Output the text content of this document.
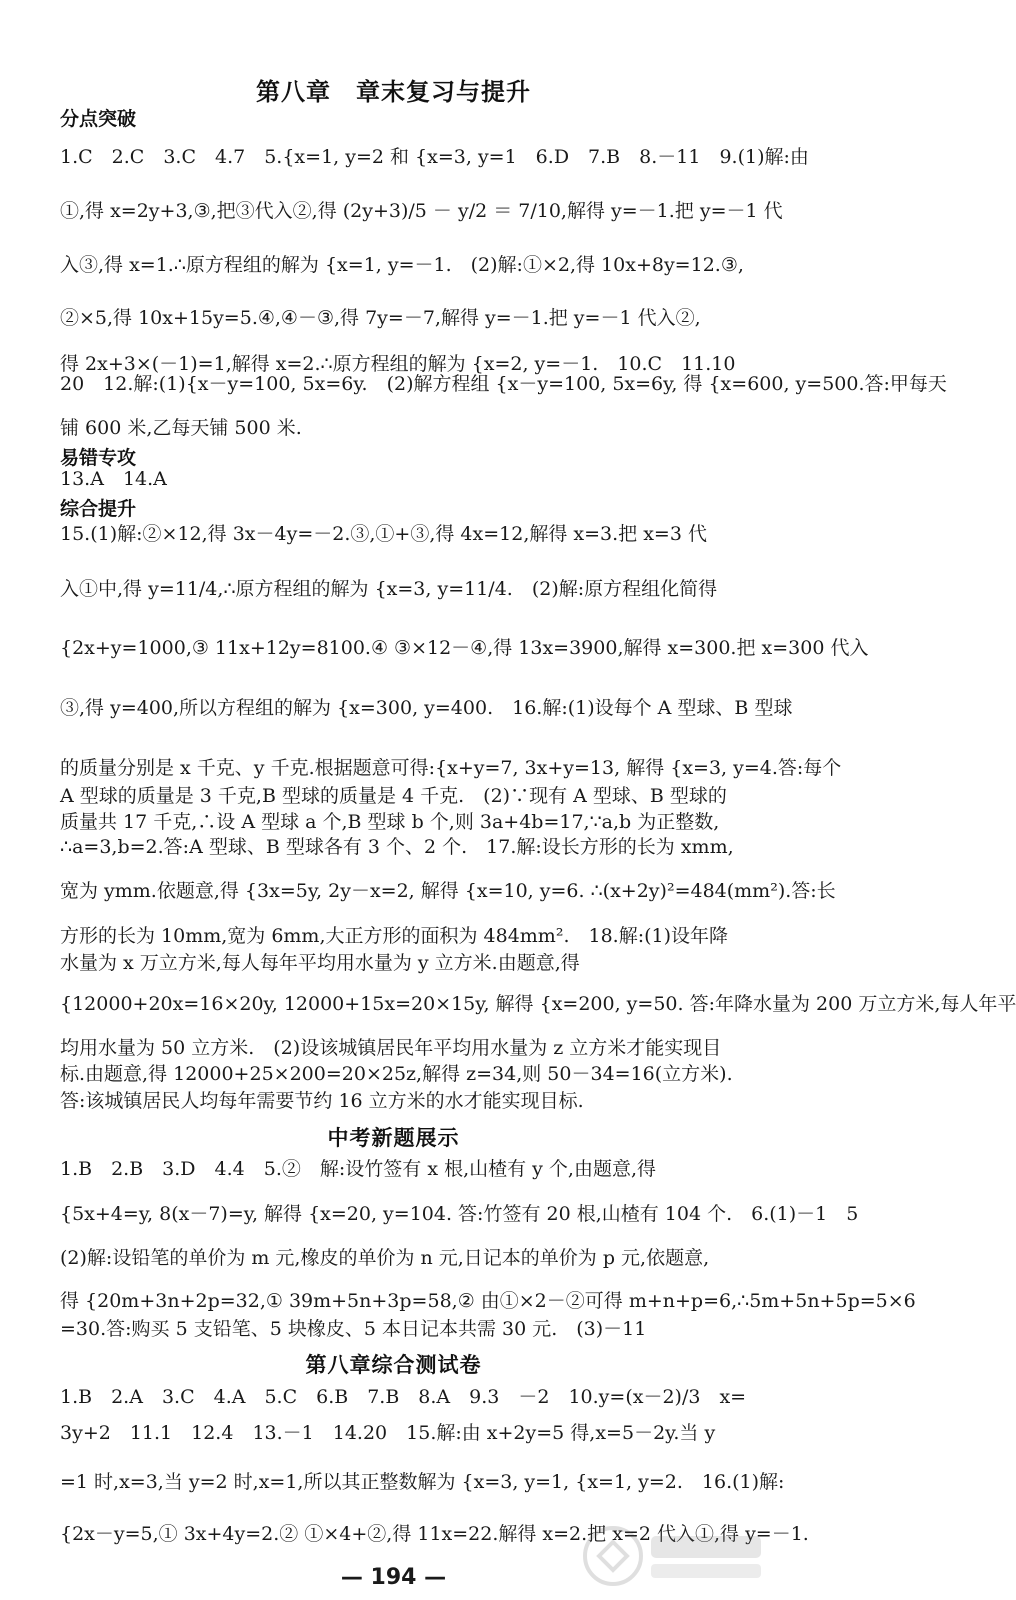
第八章　章末复习与提升
分点突破
1.C　2.C　3.C　4.7　5.{x=1, y=2 和 {x=3, y=1　6.D　7.B　8.－11　9.(1)解:由
①,得 x=2y+3,③,把③代入②,得 (2y+3)/5 － y/2 ＝ 7/10,解得 y=－1.把 y=－1 代
入③,得 x=1.∴原方程组的解为 {x=1, y=－1.　(2)解:①×2,得 10x+8y=12.③,
②×5,得 10x+15y=5.④,④－③,得 7y=－7,解得 y=－1.把 y=－1 代入②,
得 2x+3×(－1)=1,解得 x=2.∴原方程组的解为 {x=2, y=－1.　10.C　11.10
20　12.解:(1){x－y=100, 5x=6y.　(2)解方程组 {x－y=100, 5x=6y, 得 {x=600, y=500.答:甲每天
铺 600 米,乙每天铺 500 米.
易错专攻
13.A　14.A
综合提升
15.(1)解:②×12,得 3x－4y=－2.③,①+③,得 4x=12,解得 x=3.把 x=3 代
入①中,得 y=11/4,∴原方程组的解为 {x=3, y=11/4.　(2)解:原方程组化简得
{2x+y=1000,③ 11x+12y=8100.④ ③×12－④,得 13x=3900,解得 x=300.把 x=300 代入
③,得 y=400,所以方程组的解为 {x=300, y=400.　16.解:(1)设每个 A 型球、B 型球
的质量分别是 x 千克、y 千克.根据题意可得:{x+y=7, 3x+y=13, 解得 {x=3, y=4.答:每个
A 型球的质量是 3 千克,B 型球的质量是 4 千克.　(2)∵现有 A 型球、B 型球的
质量共 17 千克,∴设 A 型球 a 个,B 型球 b 个,则 3a+4b=17,∵a,b 为正整数,
∴a=3,b=2.答:A 型球、B 型球各有 3 个、2 个.　17.解:设长方形的长为 xmm,
宽为 ymm.依题意,得 {3x=5y, 2y－x=2, 解得 {x=10, y=6. ∴(x+2y)²=484(mm²).答:长
方形的长为 10mm,宽为 6mm,大正方形的面积为 484mm².　18.解:(1)设年降
水量为 x 万立方米,每人每年平均用水量为 y 立方米.由题意,得
{12000+20x=16×20y, 12000+15x=20×15y, 解得 {x=200, y=50. 答:年降水量为 200 万立方米,每人年平
均用水量为 50 立方米.　(2)设该城镇居民年平均用水量为 z 立方米才能实现目
标.由题意,得 12000+25×200=20×25z,解得 z=34,则 50－34=16(立方米).
答:该城镇居民人均每年需要节约 16 立方米的水才能实现目标.
中考新题展示
1.B　2.B　3.D　4.4　5.②　解:设竹签有 x 根,山楂有 y 个,由题意,得
{5x+4=y, 8(x－7)=y, 解得 {x=20, y=104. 答:竹签有 20 根,山楂有 104 个.　6.(1)－1　5
(2)解:设铅笔的单价为 m 元,橡皮的单价为 n 元,日记本的单价为 p 元,依题意,
得 {20m+3n+2p=32,① 39m+5n+3p=58,② 由①×2－②可得 m+n+p=6,∴5m+5n+5p=5×6
=30.答:购买 5 支铅笔、5 块橡皮、5 本日记本共需 30 元.　(3)－11
第八章综合测试卷
1.B　2.A　3.C　4.A　5.C　6.B　7.B　8.A　9.3　－2　10.y=(x－2)/3　x=
3y+2　11.1　12.4　13.－1　14.20　15.解:由 x+2y=5 得,x=5－2y.当 y
=1 时,x=3,当 y=2 时,x=1,所以其正整数解为 {x=3, y=1, {x=1, y=2.　16.(1)解:
{2x－y=5,① 3x+4y=2.② ①×4+②,得 11x=22.解得 x=2.把 x=2 代入①,得 y=－1.
— 194 —
